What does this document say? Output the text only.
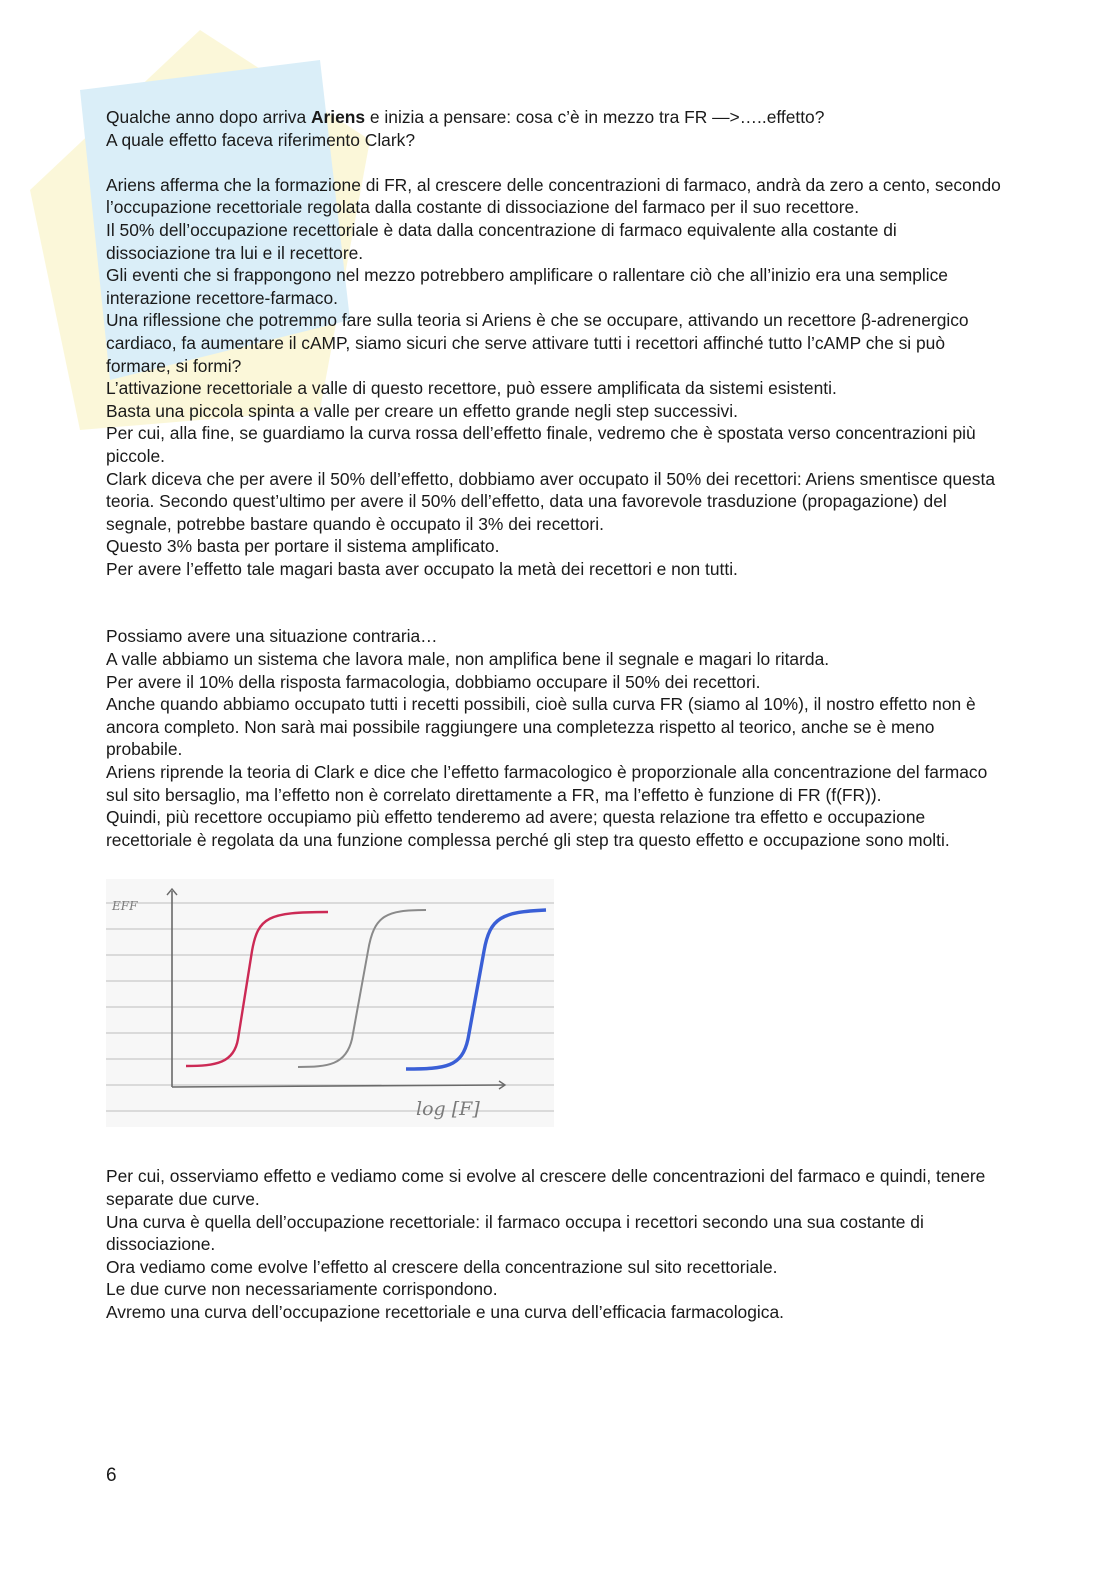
Qualche anno dopo arriva Ariens e inizia a pensare: cosa c’è in mezzo tra FR —>…..effetto?

A quale effetto faceva riferimento Clark?

Ariens afferma che la formazione di FR, al crescere delle concentrazioni di farmaco, andrà da zero a cento, secondo l’occupazione recettoriale regolata dalla costante di dissociazione del farmaco per il suo recettore.

Il 50% dell’occupazione recettoriale è data dalla concentrazione di farmaco equivalente alla costante di dissociazione tra lui e il recettore.

Gli eventi che si frappongono nel mezzo potrebbero amplificare o rallentare ciò che all’inizio era una semplice interazione recettore-farmaco.

Una riflessione che potremmo fare sulla teoria si Ariens è che se occupare, attivando un recettore β-adrenergico cardiaco, fa aumentare il cAMP, siamo sicuri che serve attivare tutti i recettori affinché tutto l’cAMP che si può formare, si formi?

L’attivazione recettoriale a valle di questo recettore, può essere amplificata da sistemi esistenti.

Basta una piccola spinta a valle per creare un effetto grande negli step successivi.

Per cui, alla fine, se guardiamo la curva rossa dell’effetto finale, vedremo che è spostata verso concentrazioni più piccole.

Clark diceva che per avere il 50% dell’effetto, dobbiamo aver occupato il 50% dei recettori: Ariens smentisce questa teoria. Secondo quest’ultimo per avere il 50% dell’effetto, data una favorevole trasduzione (propagazione) del segnale, potrebbe bastare quando è occupato il 3% dei recettori.

Questo 3% basta per portare il sistema amplificato.

Per avere l’effetto tale magari basta aver occupato la metà dei recettori e non tutti.

Possiamo avere una situazione contraria…

A valle abbiamo un sistema che lavora male, non amplifica bene il segnale e magari lo ritarda.

Per avere il 10% della risposta farmacologia, dobbiamo occupare il 50% dei recettori.

Anche quando abbiamo occupato tutti i recetti possibili, cioè sulla curva FR (siamo al 10%), il nostro effetto non è ancora completo. Non sarà mai possibile raggiungere una completezza rispetto al teorico, anche se è meno probabile.

Ariens riprende la teoria di Clark e dice che l’effetto farmacologico è proporzionale alla concentrazione del farmaco sul sito bersaglio, ma l’effetto non è correlato direttamente a FR, ma l’effetto è funzione di FR (f(FR)).

Quindi, più recettore occupiamo più effetto tenderemo ad avere; questa relazione tra effetto e occupazione recettoriale è regolata da una funzione complessa perché gli step tra questo effetto e occupazione sono molti.

EFF
log [F]

Per cui, osserviamo effetto e vediamo come si evolve al crescere delle concentrazioni del farmaco e quindi, tenere separate due curve.

Una curva è quella dell’occupazione recettoriale: il farmaco occupa i recettori secondo una sua costante di dissociazione.

Ora vediamo come evolve l’effetto al crescere della concentrazione sul sito recettoriale.

Le due curve non necessariamente corrispondono.

Avremo una curva dell’occupazione recettoriale e una curva dell’efficacia farmacologica.

6
